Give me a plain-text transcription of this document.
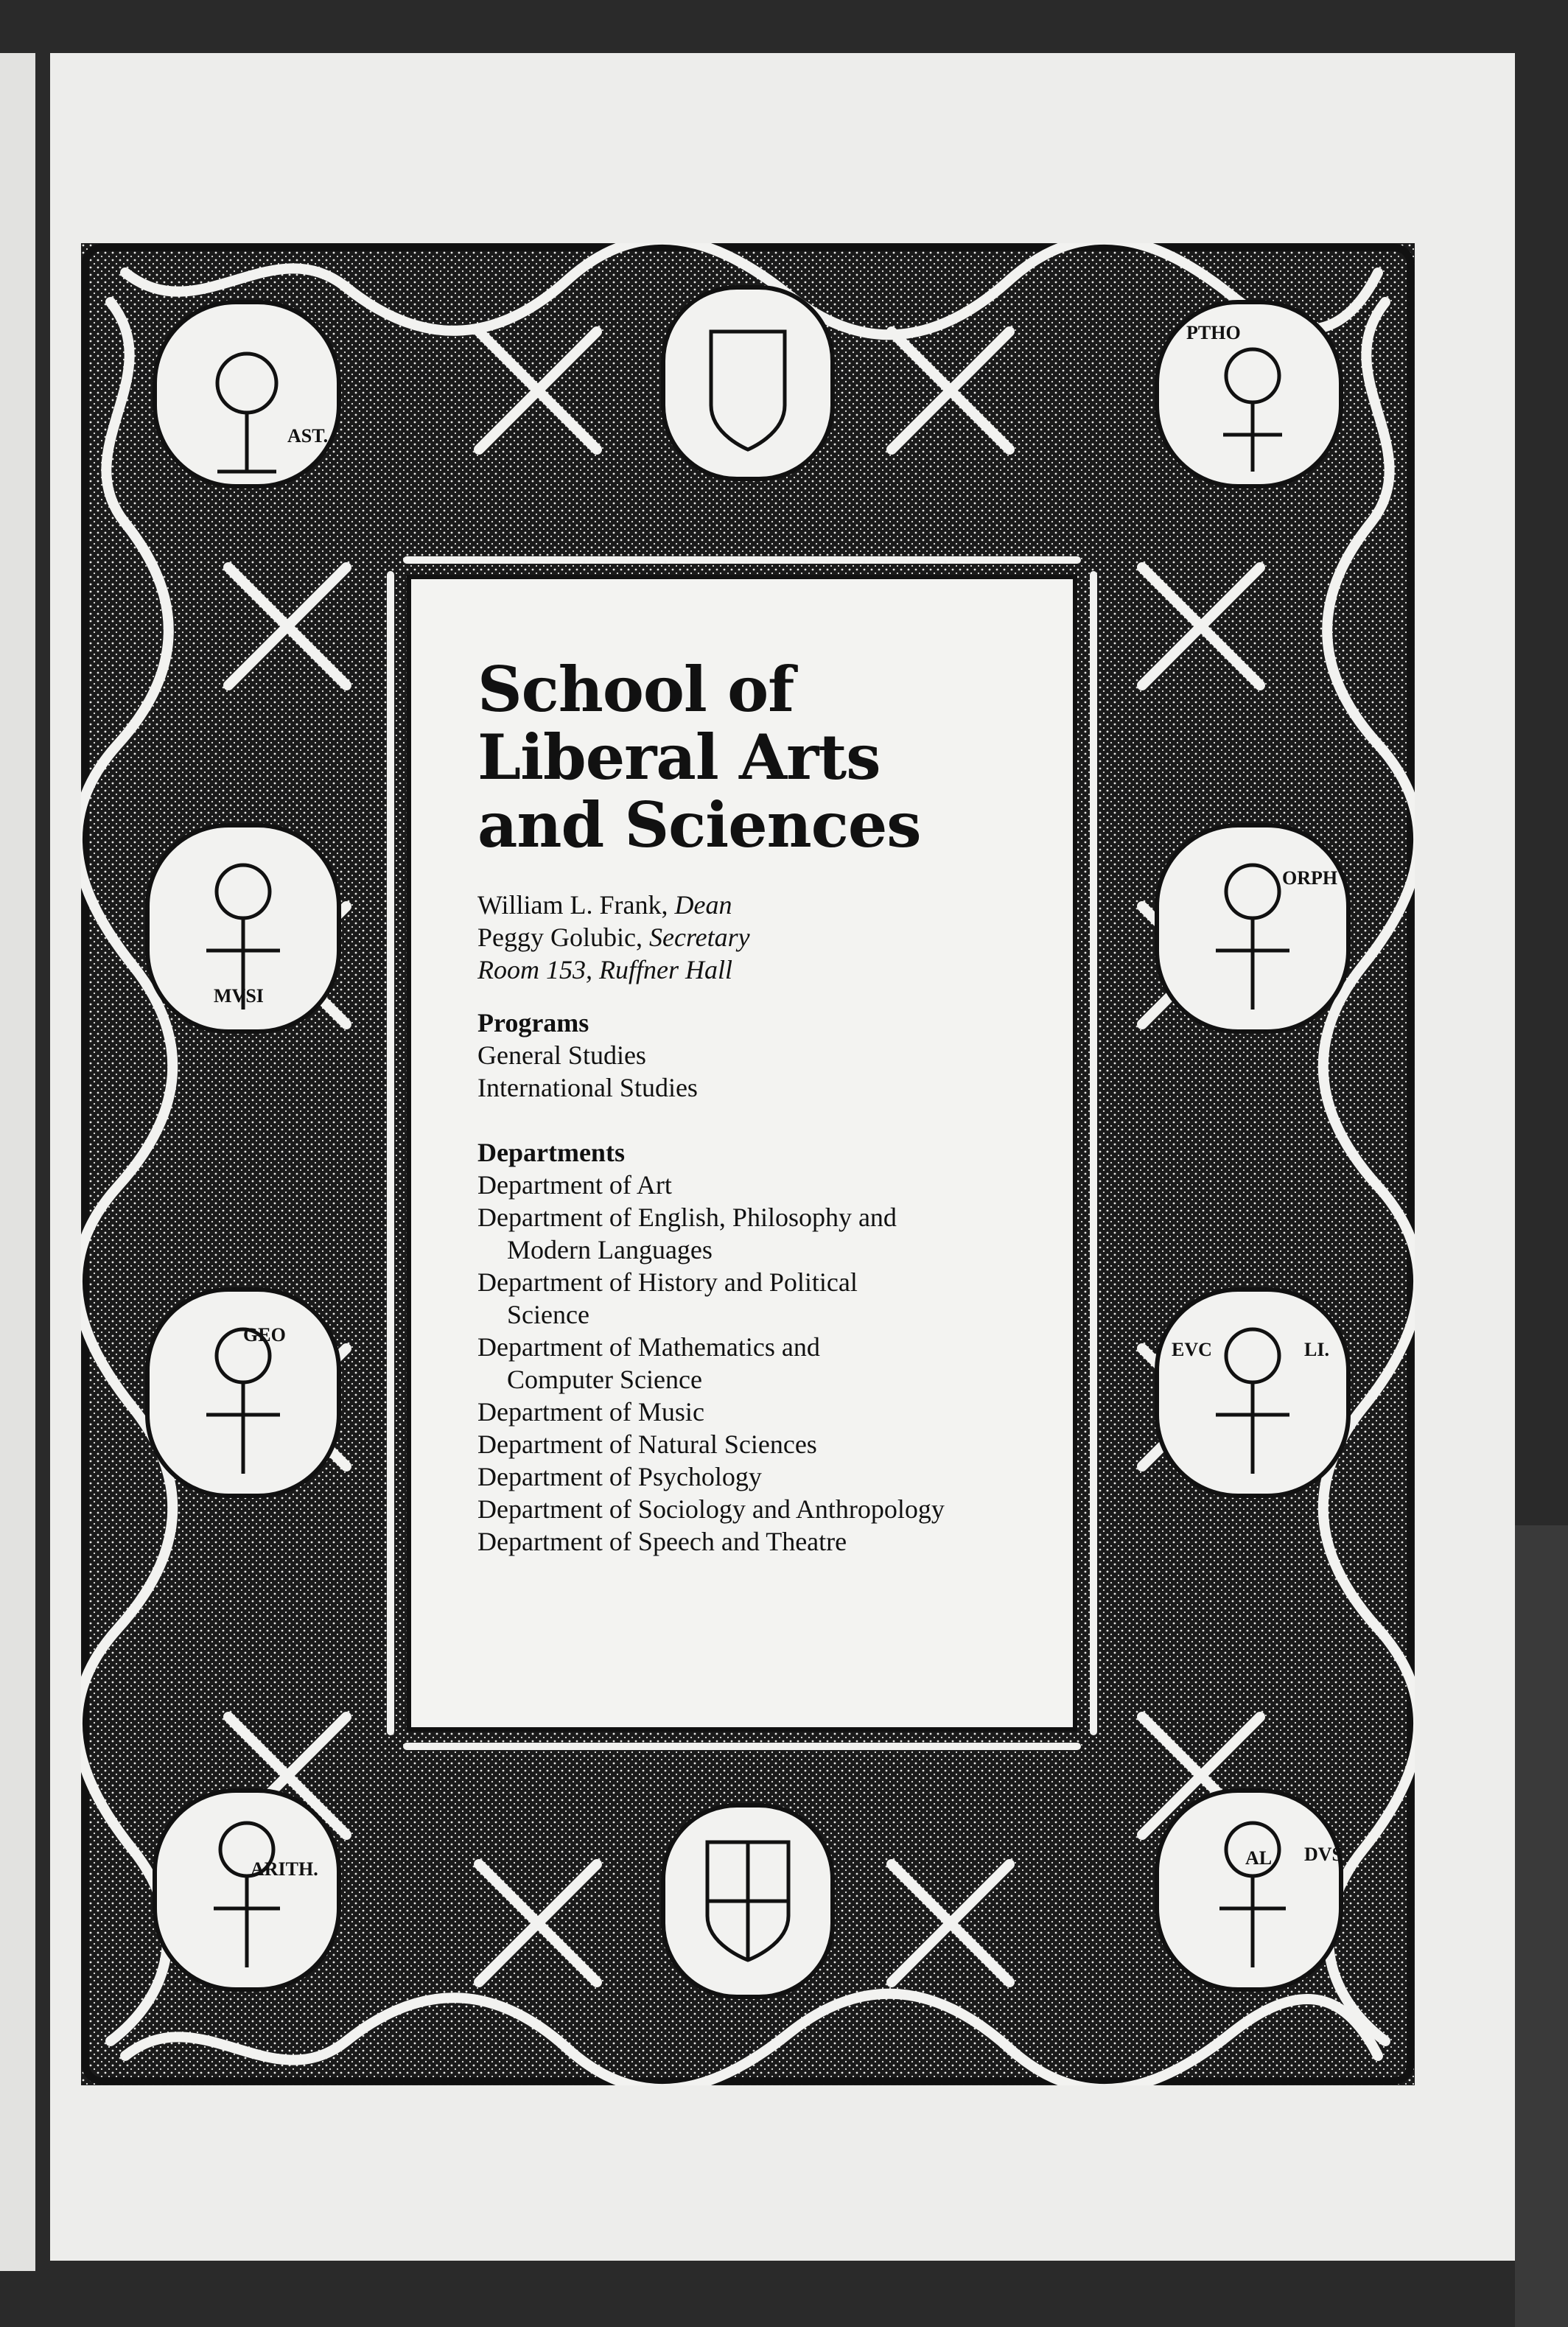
AST.
PTHO
MVSI
ORPH
GEO
EVC	LI.
ARITH.
AL DVS
School of
Liberal Arts
and Sciences

William L. Frank, Dean

Peggy Golubic, Secretary

Room 153, Ruffner Hall

Programs

General Studies

International Studies

Departments

Department of Art

Department of English, Philosophy and

Modern Languages

Department of History and Political

Science

Department of Mathematics and

Computer Science

Department of Music

Department of Natural Sciences

Department of Psychology

Department of Sociology and Anthropology

Department of Speech and Theatre
